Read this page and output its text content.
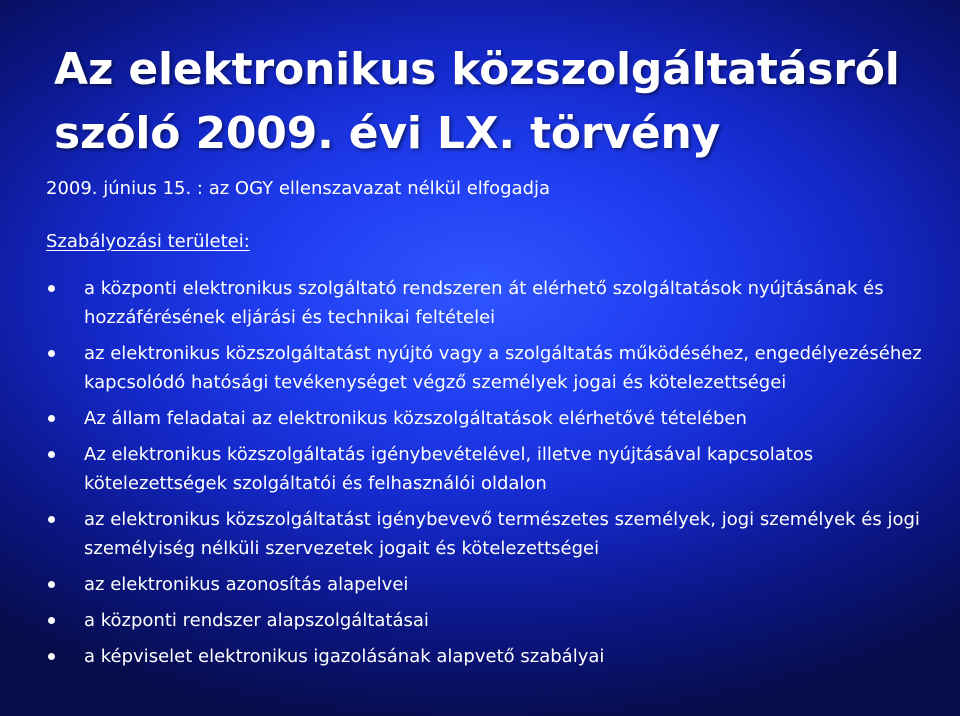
Az elektronikus közszolgáltatásról
szóló 2009. évi LX. törvény
2009. június 15. : az OGY ellenszavazat nélkül elfogadja
Szabályozási területei:
a központi elektronikus szolgáltató rendszeren át elérhető szolgáltatások nyújtásának és hozzáférésének eljárási és technikai feltételei
az elektronikus közszolgáltatást nyújtó vagy a szolgáltatás működéséhez, engedélyezéséhez kapcsolódó hatósági tevékenységet végző személyek jogai és kötelezettségei
Az állam feladatai az elektronikus közszolgáltatások elérhetővé tételében
Az elektronikus közszolgáltatás igénybevételével, illetve nyújtásával kapcsolatos kötelezettségek szolgáltatói és felhasználói oldalon
az elektronikus közszolgáltatást igénybevevő természetes személyek, jogi személyek és jogi személyiség nélküli szervezetek jogait és kötelezettségei
az elektronikus azonosítás alapelvei
a központi rendszer alapszolgáltatásai
a képviselet elektronikus igazolásának alapvető szabályai
